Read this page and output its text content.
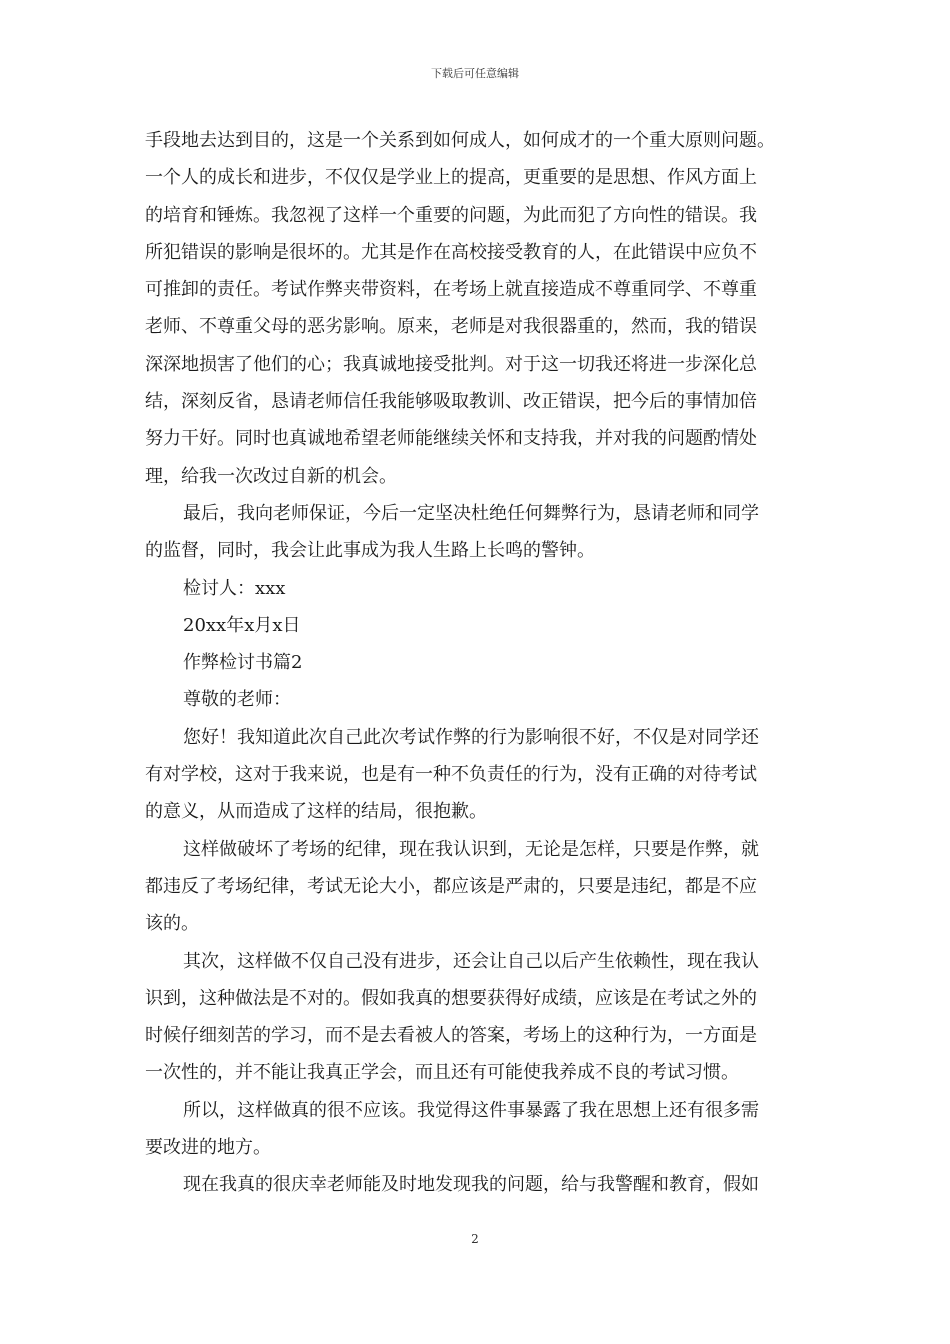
下载后可任意编辑
手段地去达到目的，这是一个关系到如何成人，如何成才的一个重大原则问题。
一个人的成长和进步，不仅仅是学业上的提高，更重要的是思想、作风方面上
的培育和锤炼。我忽视了这样一个重要的问题，为此而犯了方向性的错误。我
所犯错误的影响是很坏的。尤其是作在高校接受教育的人，在此错误中应负不
可推卸的责任。考试作弊夹带资料，在考场上就直接造成不尊重同学、不尊重
老师、不尊重父母的恶劣影响。原来，老师是对我很器重的，然而，我的错误
深深地损害了他们的心；我真诚地接受批判。对于这一切我还将进一步深化总
结，深刻反省，恳请老师信任我能够吸取教训、改正错误，把今后的事情加倍
努力干好。同时也真诚地希望老师能继续关怀和支持我，并对我的问题酌情处
理，给我一次改过自新的机会。
最后，我向老师保证，今后一定坚决杜绝任何舞弊行为，恳请老师和同学
的监督，同时，我会让此事成为我人生路上长鸣的警钟。
检讨人：xxx
20xx年x月x日
作弊检讨书篇2
尊敬的老师：
您好！我知道此次自己此次考试作弊的行为影响很不好，不仅是对同学还
有对学校，这对于我来说，也是有一种不负责任的行为，没有正确的对待考试
的意义，从而造成了这样的结局，很抱歉。
这样做破坏了考场的纪律，现在我认识到，无论是怎样，只要是作弊，就
都违反了考场纪律，考试无论大小，都应该是严肃的，只要是违纪，都是不应
该的。
其次，这样做不仅自己没有进步，还会让自己以后产生依赖性，现在我认
识到，这种做法是不对的。假如我真的想要获得好成绩，应该是在考试之外的
时候仔细刻苦的学习，而不是去看被人的答案，考场上的这种行为，一方面是
一次性的，并不能让我真正学会，而且还有可能使我养成不良的考试习惯。
所以，这样做真的很不应该。我觉得这件事暴露了我在思想上还有很多需
要改进的地方。
现在我真的很庆幸老师能及时地发现我的问题，给与我警醒和教育，假如
2
